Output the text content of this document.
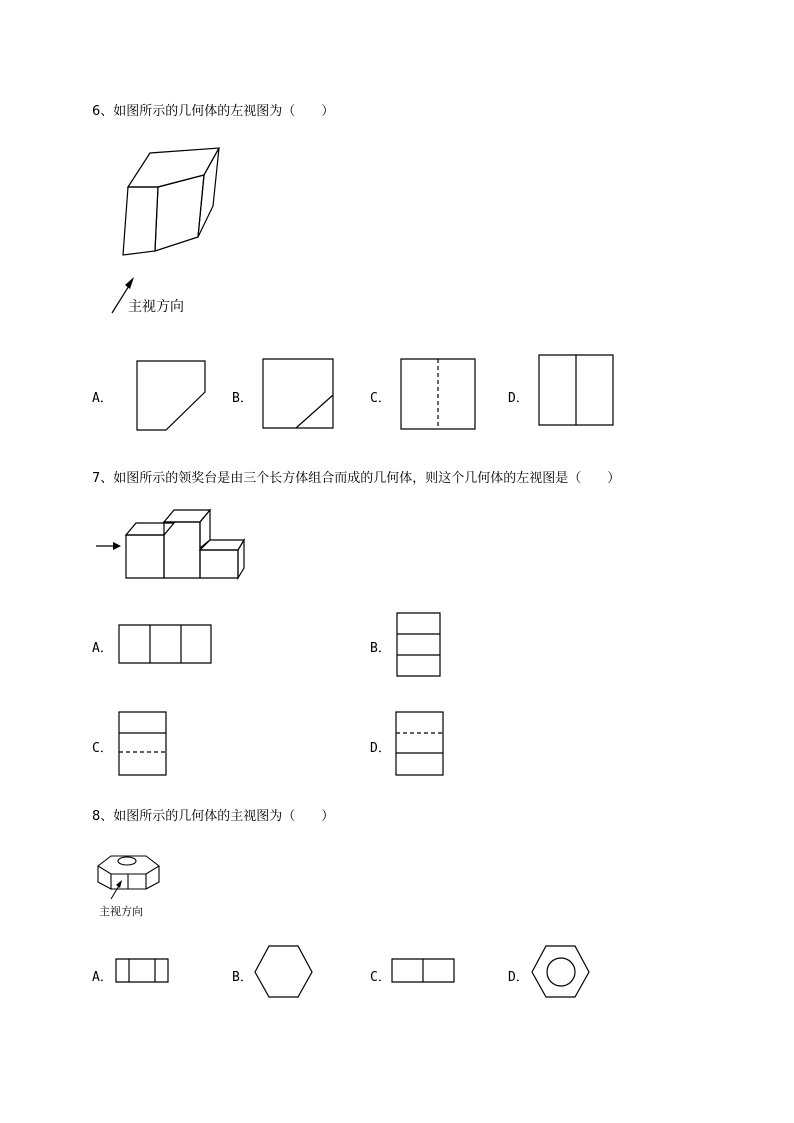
6、如图所示的几何体的左视图为（　　）
主视方向
A．	B．	C．	D．
7、如图所示的领奖台是由三个长方体组合而成的几何体，则这个几何体的左视图是（　　）
A．	B．
C．	D．
8、如图所示的几何体的主视图为（　　）
主视方向
A．	B．	C．	D．
